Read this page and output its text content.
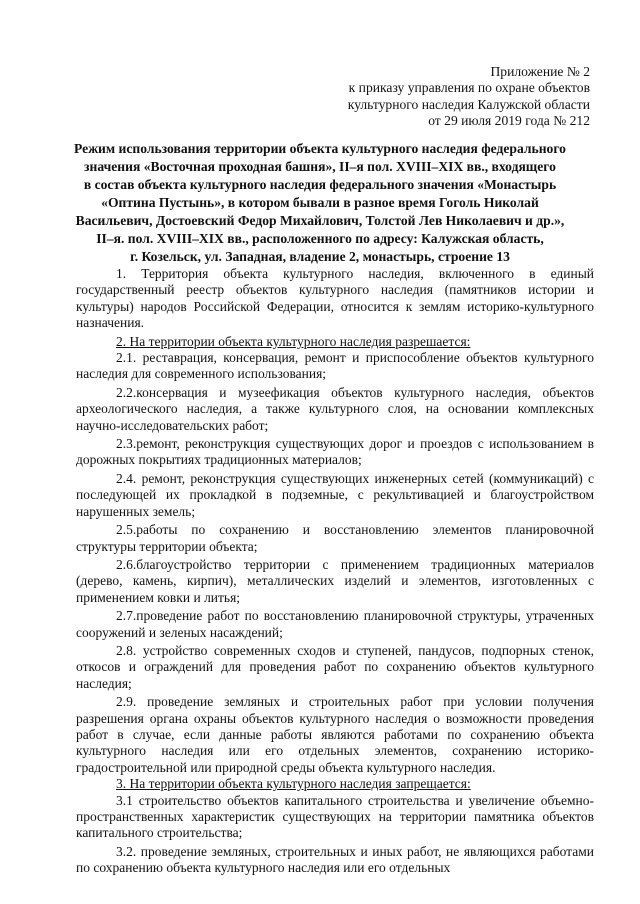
Приложение № 2
к приказу управления по охране объектов
культурного наследия Калужской области
от 29 июля 2019 года № 212
Режим использования территории объекта культурного наследия федерального
значения «Восточная проходная башня», II–я пол. XVIII–XIX вв., входящего
в состав объекта культурного наследия федерального значения «Монастырь
«Оптина Пустынь», в котором бывали в разное время Гоголь Николай
Васильевич, Достоевский Федор Михайлович, Толстой Лев Николаевич и др.»,
II–я. пол. XVIII–XIX вв., расположенного по адресу: Калужская область,
г. Козельск, ул. Западная, владение 2, монастырь, строение 13

1. Территория объекта культурного наследия, включенного в единый государственный реестр объектов культурного наследия (памятников истории и культуры) народов Российской Федерации, относится к землям историко-культурного назначения.

2. На территории объекта культурного наследия разрешается:

2.1. реставрация, консервация, ремонт и приспособление объектов культурного наследия для современного использования;

2.2.консервация и музеефикация объектов культурного наследия, объектов археологического наследия, а также культурного слоя, на основании комплексных научно-исследовательских работ;

2.3.ремонт, реконструкция существующих дорог и проездов с использованием в дорожных покрытиях традиционных материалов;

2.4. ремонт, реконструкция существующих инженерных сетей (коммуникаций) с последующей их прокладкой в подземные, с рекультивацией и благоустройством нарушенных земель;

2.5.работы по сохранению и восстановлению элементов планировочной структуры территории объекта;

2.6.благоустройство территории с применением традиционных материалов (дерево, камень, кирпич), металлических изделий и элементов, изготовленных с применением ковки и литья;

2.7.проведение работ по восстановлению планировочной структуры, утраченных сооружений и зеленых насаждений;

2.8. устройство современных сходов и ступеней, пандусов, подпорных стенок, откосов и ограждений для проведения работ по сохранению объектов культурного наследия;

2.9. проведение земляных и строительных работ при условии получения разрешения органа охраны объектов культурного наследия о возможности проведения работ в случае, если данные работы являются работами по сохранению объекта культурного наследия или его отдельных элементов, сохранению историко-градостроительной или природной среды объекта культурного наследия.

3. На территории объекта культурного наследия запрещается:

3.1 строительство объектов капитального строительства и увеличение объемно-пространственных характеристик существующих на территории памятника объектов капитального строительства;

3.2. проведение земляных, строительных и иных работ, не являющихся работами по сохранению объекта культурного наследия или его отдельных
